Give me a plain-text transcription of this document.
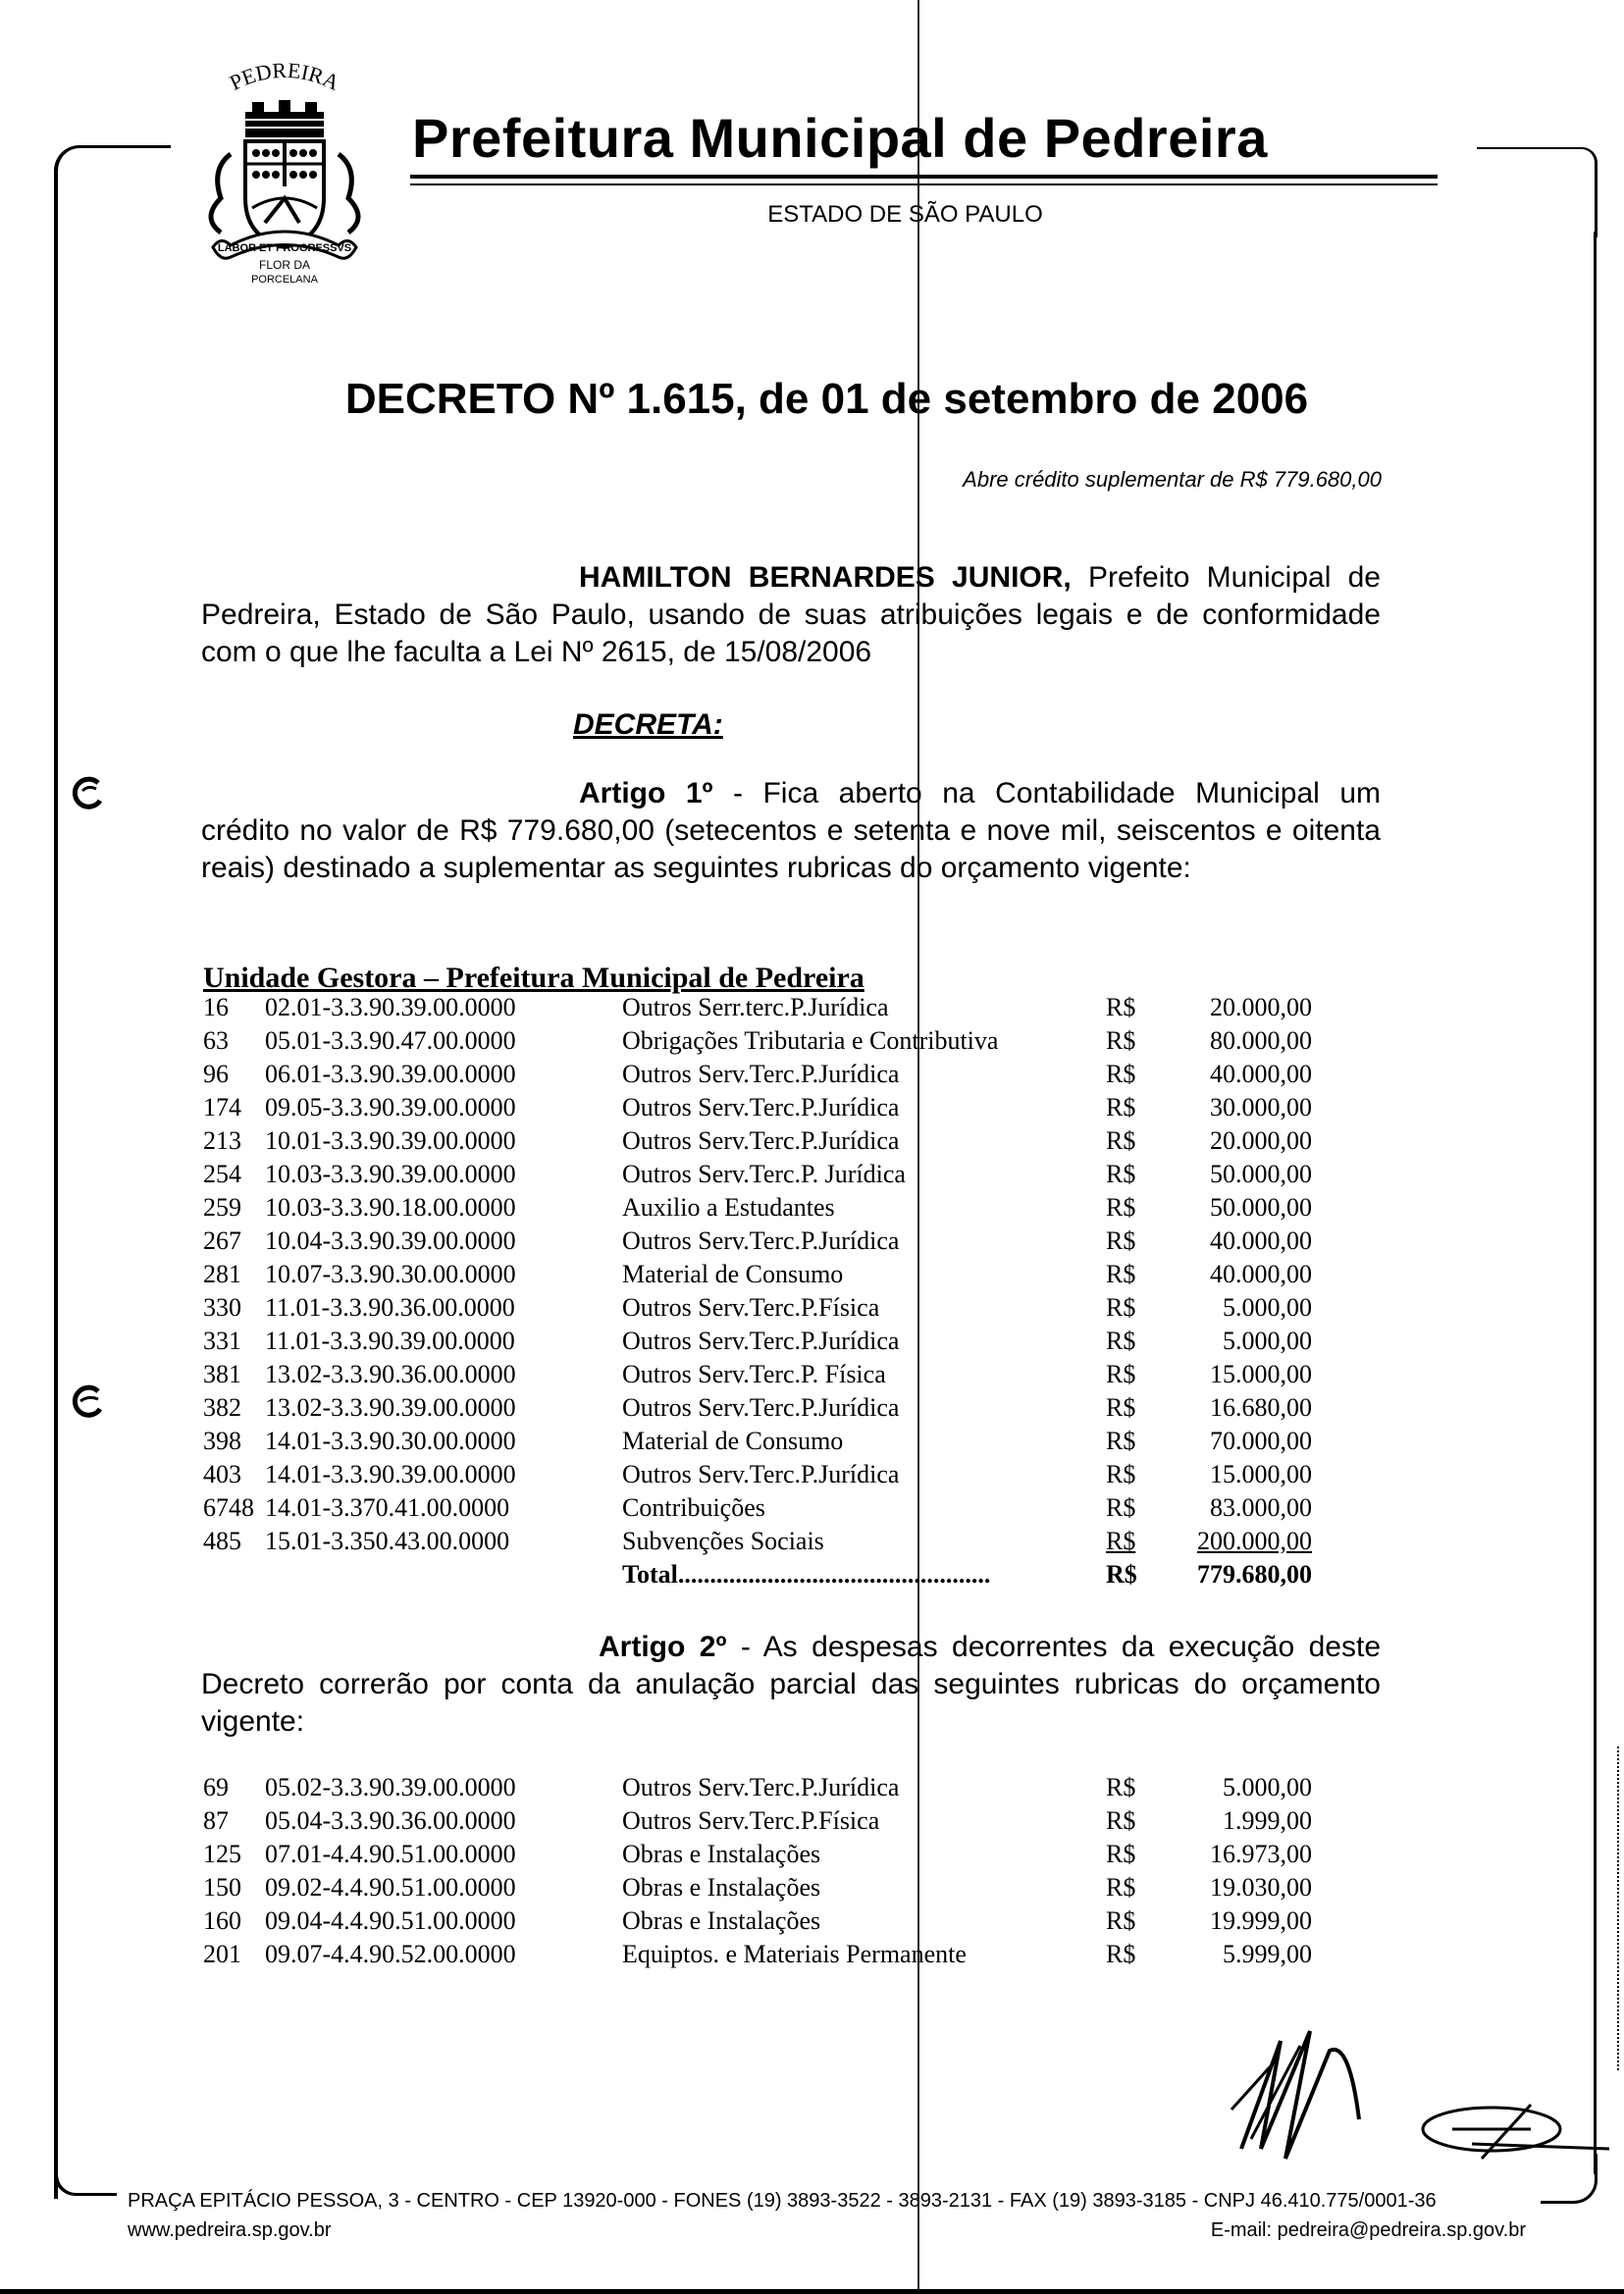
PEDREIRA
LABOR ET PROGRESSVS
FLOR DA
PORCELANA
Prefeitura Municipal de Pedreira
ESTADO DE SÃO PAULO
DECRETO Nº 1.615, de 01 de setembro de 2006
Abre crédito suplementar de R$ 779.680,00
HAMILTON BERNARDES JUNIOR, Prefeito Municipal de Pedreira, Estado de São Paulo, usando de suas atribuições legais e de conformidade com o que lhe faculta a Lei Nº 2615, de 15/08/2006
DECRETA:
Artigo 1º - Fica aberto na Contabilidade Municipal um crédito no valor de R$ 779.680,00 (setecentos e setenta e nove mil, seiscentos e oitenta reais) destinado a suplementar as seguintes rubricas do orçamento vigente:
Unidade Gestora – Prefeitura Municipal de Pedreira
16 02.01-3.3.90.39.00.0000	Outros Serr.terc.P.Jurídica	R$	20.000,00
63 05.01-3.3.90.47.00.0000	Obrigações Tributaria e Contributiva	R$	80.000,00
96 06.01-3.3.90.39.00.0000	Outros Serv.Terc.P.Jurídica	R$	40.000,00
174 09.05-3.3.90.39.00.0000	Outros Serv.Terc.P.Jurídica	R$	30.000,00
213 10.01-3.3.90.39.00.0000	Outros Serv.Terc.P.Jurídica	R$	20.000,00
254 10.03-3.3.90.39.00.0000	Outros Serv.Terc.P. Jurídica	R$	50.000,00
259 10.03-3.3.90.18.00.0000	Auxilio a Estudantes	R$	50.000,00
267 10.04-3.3.90.39.00.0000	Outros Serv.Terc.P.Jurídica	R$	40.000,00
281 10.07-3.3.90.30.00.0000	Material de Consumo	R$	40.000,00
330 11.01-3.3.90.36.00.0000	Outros Serv.Terc.P.Física	R$	5.000,00
331 11.01-3.3.90.39.00.0000	Outros Serv.Terc.P.Jurídica	R$	5.000,00
381 13.02-3.3.90.36.00.0000	Outros Serv.Terc.P. Física	R$	15.000,00
382 13.02-3.3.90.39.00.0000	Outros Serv.Terc.P.Jurídica	R$	16.680,00
398 14.01-3.3.90.30.00.0000	Material de Consumo	R$	70.000,00
403 14.01-3.3.90.39.00.0000	Outros Serv.Terc.P.Jurídica	R$	15.000,00
6748 14.01-3.370.41.00.0000	Contribuições	R$	83.000,00
485 15.01-3.350.43.00.0000	Subvenções Sociais	R$ 200.000,00
Total.................................................	R$ 779.680,00
Artigo 2º - As despesas decorrentes da execução deste Decreto correrão por conta da anulação parcial das seguintes rubricas do orçamento vigente:
69 05.02-3.3.90.39.00.0000	Outros Serv.Terc.P.Jurídica	R$	5.000,00
87 05.04-3.3.90.36.00.0000	Outros Serv.Terc.P.Física	R$	1.999,00
125 07.01-4.4.90.51.00.0000	Obras e Instalações	R$	16.973,00
150 09.02-4.4.90.51.00.0000	Obras e Instalações	R$	19.030,00
160 09.04-4.4.90.51.00.0000	Obras e Instalações	R$	19.999,00
201 09.07-4.4.90.52.00.0000	Equiptos. e Materiais Permanente	R$	5.999,00
PRAÇA EPITÁCIO PESSOA, 3 - CENTRO - CEP 13920-000 - FONES (19) 3893-3522 - 3893-2131 - FAX (19) 3893-3185 - CNPJ 46.410.775/0001-36
www.pedreira.sp.gov.br	E-mail: pedreira@pedreira.sp.gov.br
